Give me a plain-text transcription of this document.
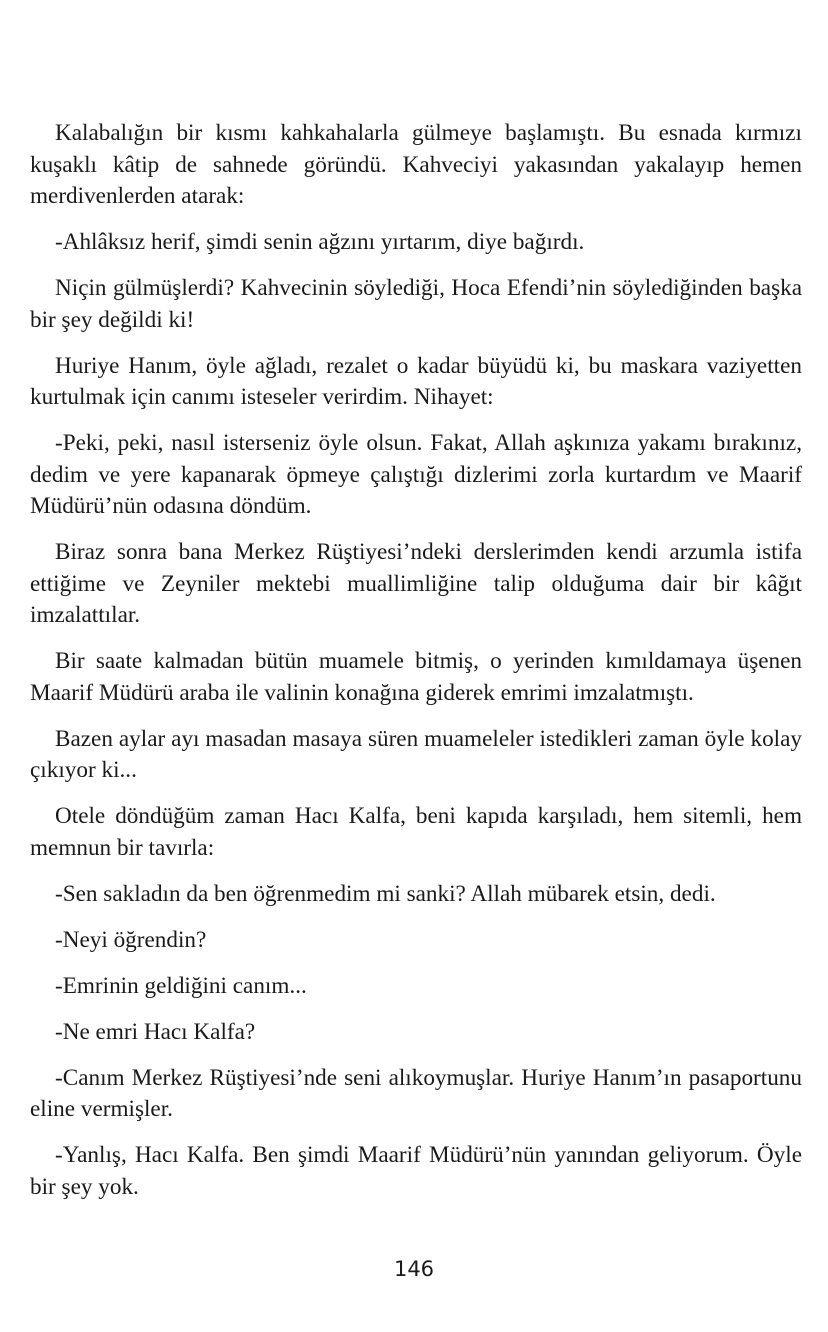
Kalabalığın bir kısmı kahkahalarla gülmeye başlamıştı. Bu esnada kırmızı kuşaklı kâtip de sahnede göründü. Kahveciyi yakasından yakalayıp hemen merdivenlerden atarak:

-Ahlâksız herif, şimdi senin ağzını yırtarım, diye bağırdı.

Niçin gülmüşlerdi? Kahvecinin söylediği, Hoca Efendi’nin söylediğinden başka bir şey değildi ki!

Huriye Hanım, öyle ağladı, rezalet o kadar büyüdü ki, bu maskara vaziyetten kurtulmak için canımı isteseler verirdim. Nihayet:

-Peki, peki, nasıl isterseniz öyle olsun. Fakat, Allah aşkınıza yakamı bırakınız, dedim ve yere kapanarak öpmeye çalıştığı dizlerimi zorla kurtardım ve Maarif Müdürü’nün odasına döndüm.

Biraz sonra bana Merkez Rüştiyesi’ndeki derslerimden kendi arzumla istifa ettiğime ve Zeyniler mektebi muallimliğine talip olduğuma dair bir kâğıt imzalattılar.

Bir saate kalmadan bütün muamele bitmiş, o yerinden kımıldamaya üşenen Maarif Müdürü araba ile valinin konağına giderek emrimi imzalatmıştı.

Bazen aylar ayı masadan masaya süren muameleler istedikleri zaman öyle kolay çıkıyor ki...

Otele döndüğüm zaman Hacı Kalfa, beni kapıda karşıladı, hem sitemli, hem memnun bir tavırla:

-Sen sakladın da ben öğrenmedim mi sanki? Allah mübarek etsin, dedi.

-Neyi öğrendin?

-Emrinin geldiğini canım...

-Ne emri Hacı Kalfa?

-Canım Merkez Rüştiyesi’nde seni alıkoymuşlar. Huriye Hanım’ın pasaportunu eline vermişler.

-Yanlış, Hacı Kalfa. Ben şimdi Maarif Müdürü’nün yanından geliyorum. Öyle bir şey yok.

146
